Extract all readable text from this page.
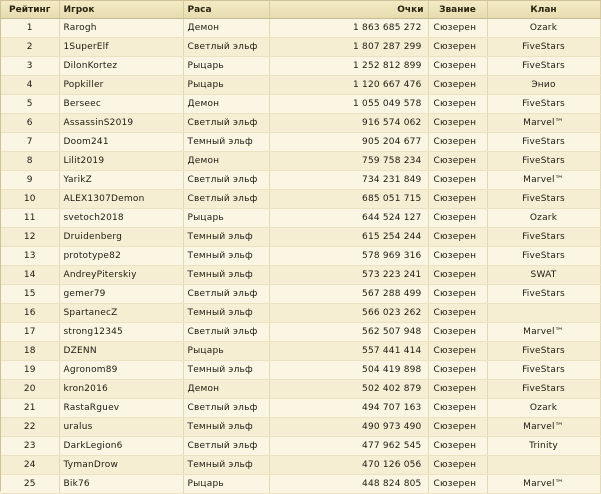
Рейтинг	Игрок	Раса	Очки	Звание	Клан
1	Rarogh	Демон	1 863 685 272	Сюзерен	Ozark
2	1SuperElf	Светлый эльф	1 807 287 299	Сюзерен	FiveStars
3	DilonKortez	Рыцарь	1 252 812 899	Сюзерен	FiveStars
4	Popkiller	Рыцарь	1 120 667 476	Сюзерен	Энио
5	Berseec	Демон	1 055 049 578	Сюзерен	FiveStars
6	AssassinS2019	Светлый эльф	916 574 062	Сюзерен	Marvel™
7	Doom241	Темный эльф	905 204 677	Сюзерен	FiveStars
8	Lilit2019	Демон	759 758 234	Сюзерен	FiveStars
9	YarikZ	Светлый эльф	734 231 849	Сюзерен	Marvel™
10	ALEX1307Demon	Светлый эльф	685 051 715	Сюзерен	FiveStars
11	svetoch2018	Рыцарь	644 524 127	Сюзерен	Ozark
12	Druidenberg	Темный эльф	615 254 244	Сюзерен	FiveStars
13	prototype82	Темный эльф	578 969 316	Сюзерен	FiveStars
14	AndreyPiterskiy	Темный эльф	573 223 241	Сюзерен	SWAT
15	gemer79	Светлый эльф	567 288 499	Сюзерен	FiveStars
16	SpartanecZ	Темный эльф	566 023 262	Сюзерен	
17	strong12345	Светлый эльф	562 507 948	Сюзерен	Marvel™
18	DZENN	Рыцарь	557 441 414	Сюзерен	FiveStars
19	Agronom89	Темный эльф	504 419 898	Сюзерен	FiveStars
20	kron2016	Демон	502 402 879	Сюзерен	FiveStars
21	RastaRguev	Светлый эльф	494 707 163	Сюзерен	Ozark
22	uralus	Темный эльф	490 973 490	Сюзерен	Marvel™
23	DarkLegion6	Светлый эльф	477 962 545	Сюзерен	Trinity
24	TymanDrow	Темный эльф	470 126 056	Сюзерен	
25	Bik76	Рыцарь	448 824 805	Сюзерен	Marvel™
